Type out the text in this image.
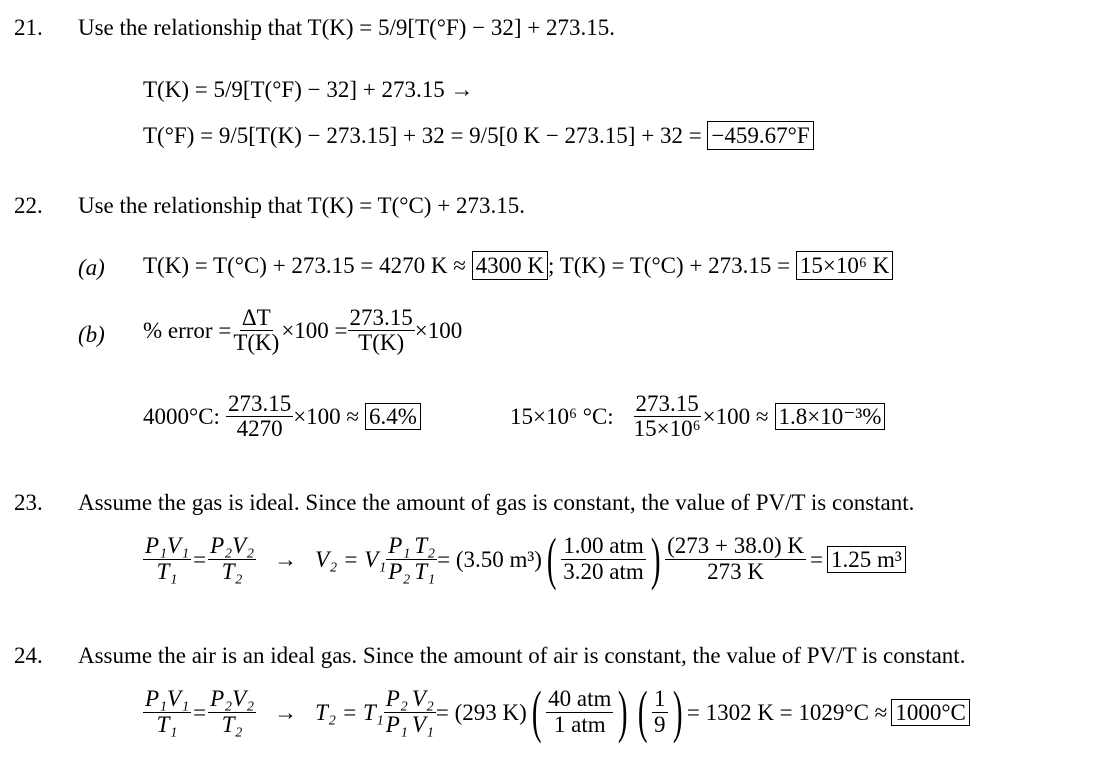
21. Use the relationship that T(K) = 5/9[T(°F) − 32] + 273.15.
T(K) = 5/9[T(°F) − 32] + 273.15 →
T(°F) = 9/5[T(K) − 273.15] + 32 = 9/5[0 K − 273.15] + 32 = −459.67°F
22. Use the relationship that T(K) = T(°C) + 273.15.
(a) T(K) = T(°C) + 273.15 = 4270 K ≈ 4300 K ; T(K) = T(°C) + 273.15 = 15×10⁶ K
(b) % error = $\frac{\Delta T}{T(K)} \times 100 = \frac{273.15}{T(K)} \times 100$
4000°C: $\frac{273.15}{4270} \times 100 \approx 6.4\%$	15×10⁶ °C: $\frac{273.15}{\text{15×10⁶}} \times 100 \approx 1.8\times 10^{-3}\%$
23. Assume the gas is ideal. Since the amount of gas is constant, the value of PV/T is constant.
$\frac{\text{P₁V₁}}{\text{T₁}} = \frac{\text{P₂V₂}}{\text{T₂}} \to V_2 = V_1 \frac{\text{P₁}}{\text{P₂}} \frac{\text{T₂}}{\text{T₁}} = (3.50$ m³) ( $\frac{\text{1.00 atm}}{\text{3.20 atm}}$ ) $\frac{(273 + 38.0) K}{273 K} = 1.25$ m³
24. Assume the air is an ideal gas. Since the amount of air is constant, the value of PV/T is constant.
$\frac{\text{P₁V₁}}{\text{T₁}} = \frac{\text{P₂V₂}}{\text{T₂}} \to T_2 = T_1 \frac{\text{P₂}}{\text{P₁}} \frac{\text{V₂}}{\text{V₁}} = (293$ K) ( $\frac{\text{40 atm}}{\text{1 atm}}$ ) ( $\frac{1}{9}$ ) = 1302 K = 1029°C ≈ 1000°C
